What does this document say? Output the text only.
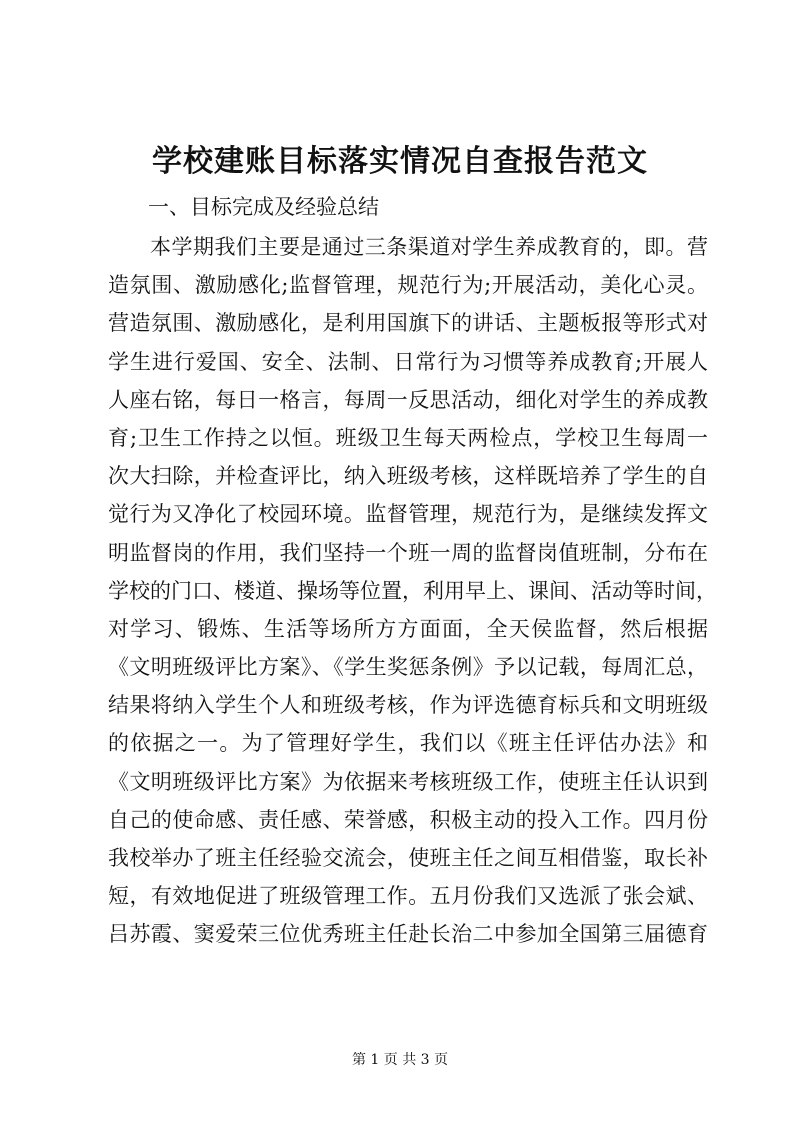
学校建账目标落实情况自查报告范文

一、目标完成及经验总结

本学期我们主要是通过三条渠道对学生养成教育的，即。营
造氛围、激励感化;监督管理，规范行为;开展活动，美化心灵。
营造氛围、激励感化，是利用国旗下的讲话、主题板报等形式对
学生进行爱国、安全、法制、日常行为习惯等养成教育;开展人
人座右铭，每日一格言，每周一反思活动，细化对学生的养成教
育;卫生工作持之以恒。班级卫生每天两检点，学校卫生每周一
次大扫除，并检查评比，纳入班级考核，这样既培养了学生的自
觉行为又净化了校园环境。监督管理，规范行为，是继续发挥文
明监督岗的作用，我们坚持一个班一周的监督岗值班制，分布在
学校的门口、楼道、操场等位置，利用早上、课间、活动等时间，
对学习、锻炼、生活等场所方方面面，全天侯监督，然后根据
《文明班级评比方案》、《学生奖惩条例》予以记载，每周汇总，
结果将纳入学生个人和班级考核，作为评选德育标兵和文明班级
的依据之一。为了管理好学生，我们以《班主任评估办法》和
《文明班级评比方案》为依据来考核班级工作，使班主任认识到
自己的使命感、责任感、荣誉感，积极主动的投入工作。四月份
我校举办了班主任经验交流会，使班主任之间互相借鉴，取长补
短，有效地促进了班级管理工作。五月份我们又选派了张会斌、
吕苏霞、窦爱荣三位优秀班主任赴长治二中参加全国第三届德育
第 1 页 共 3 页
